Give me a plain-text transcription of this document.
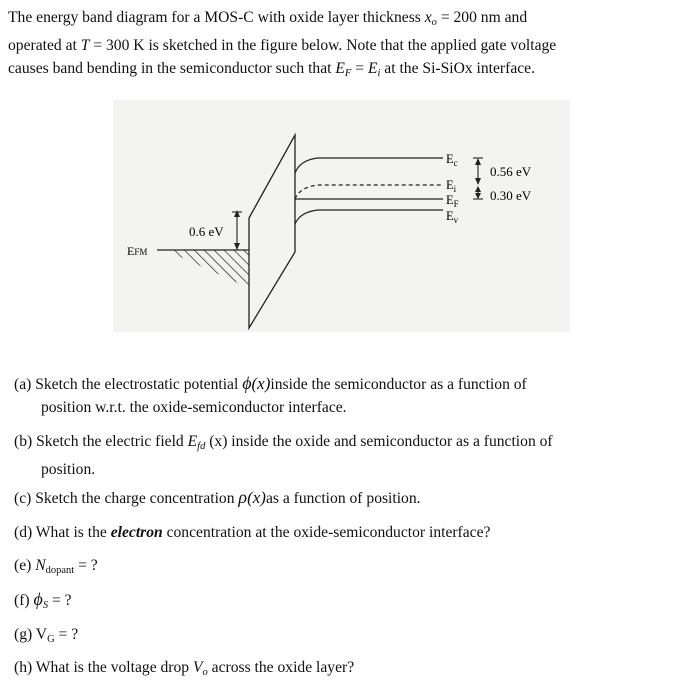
The energy band diagram for a MOS-C with oxide layer thickness $x_o = 200$ nm and

operated at T = 300 K is sketched in the figure below. Note that the applied gate voltage

causes band bending in the semiconductor such that $E_F = E_i$ at the Si-SiOx interface.

$E_c$
$E_i$
$E_F$
$E_v$
0.56 eV
0.30 eV
0.6 eV
EFM
(a) Sketch the electrostatic potential ϕ(x)inside the semiconductor as a function of
position w.r.t. the oxide-semiconductor interface.
(b) Sketch the electric field $E_{fd}$ (x) inside the oxide and semiconductor as a function of
position.
(c) Sketch the charge concentration ρ(x)as a function of position.
(d) What is the electron concentration at the oxide-semiconductor interface?
(e) $N_{dopant}$ = ?
(f) $\phi_S$ = ?
(g) $V_G$ = ?
(h) What is the voltage drop $V_o$ across the oxide layer?
